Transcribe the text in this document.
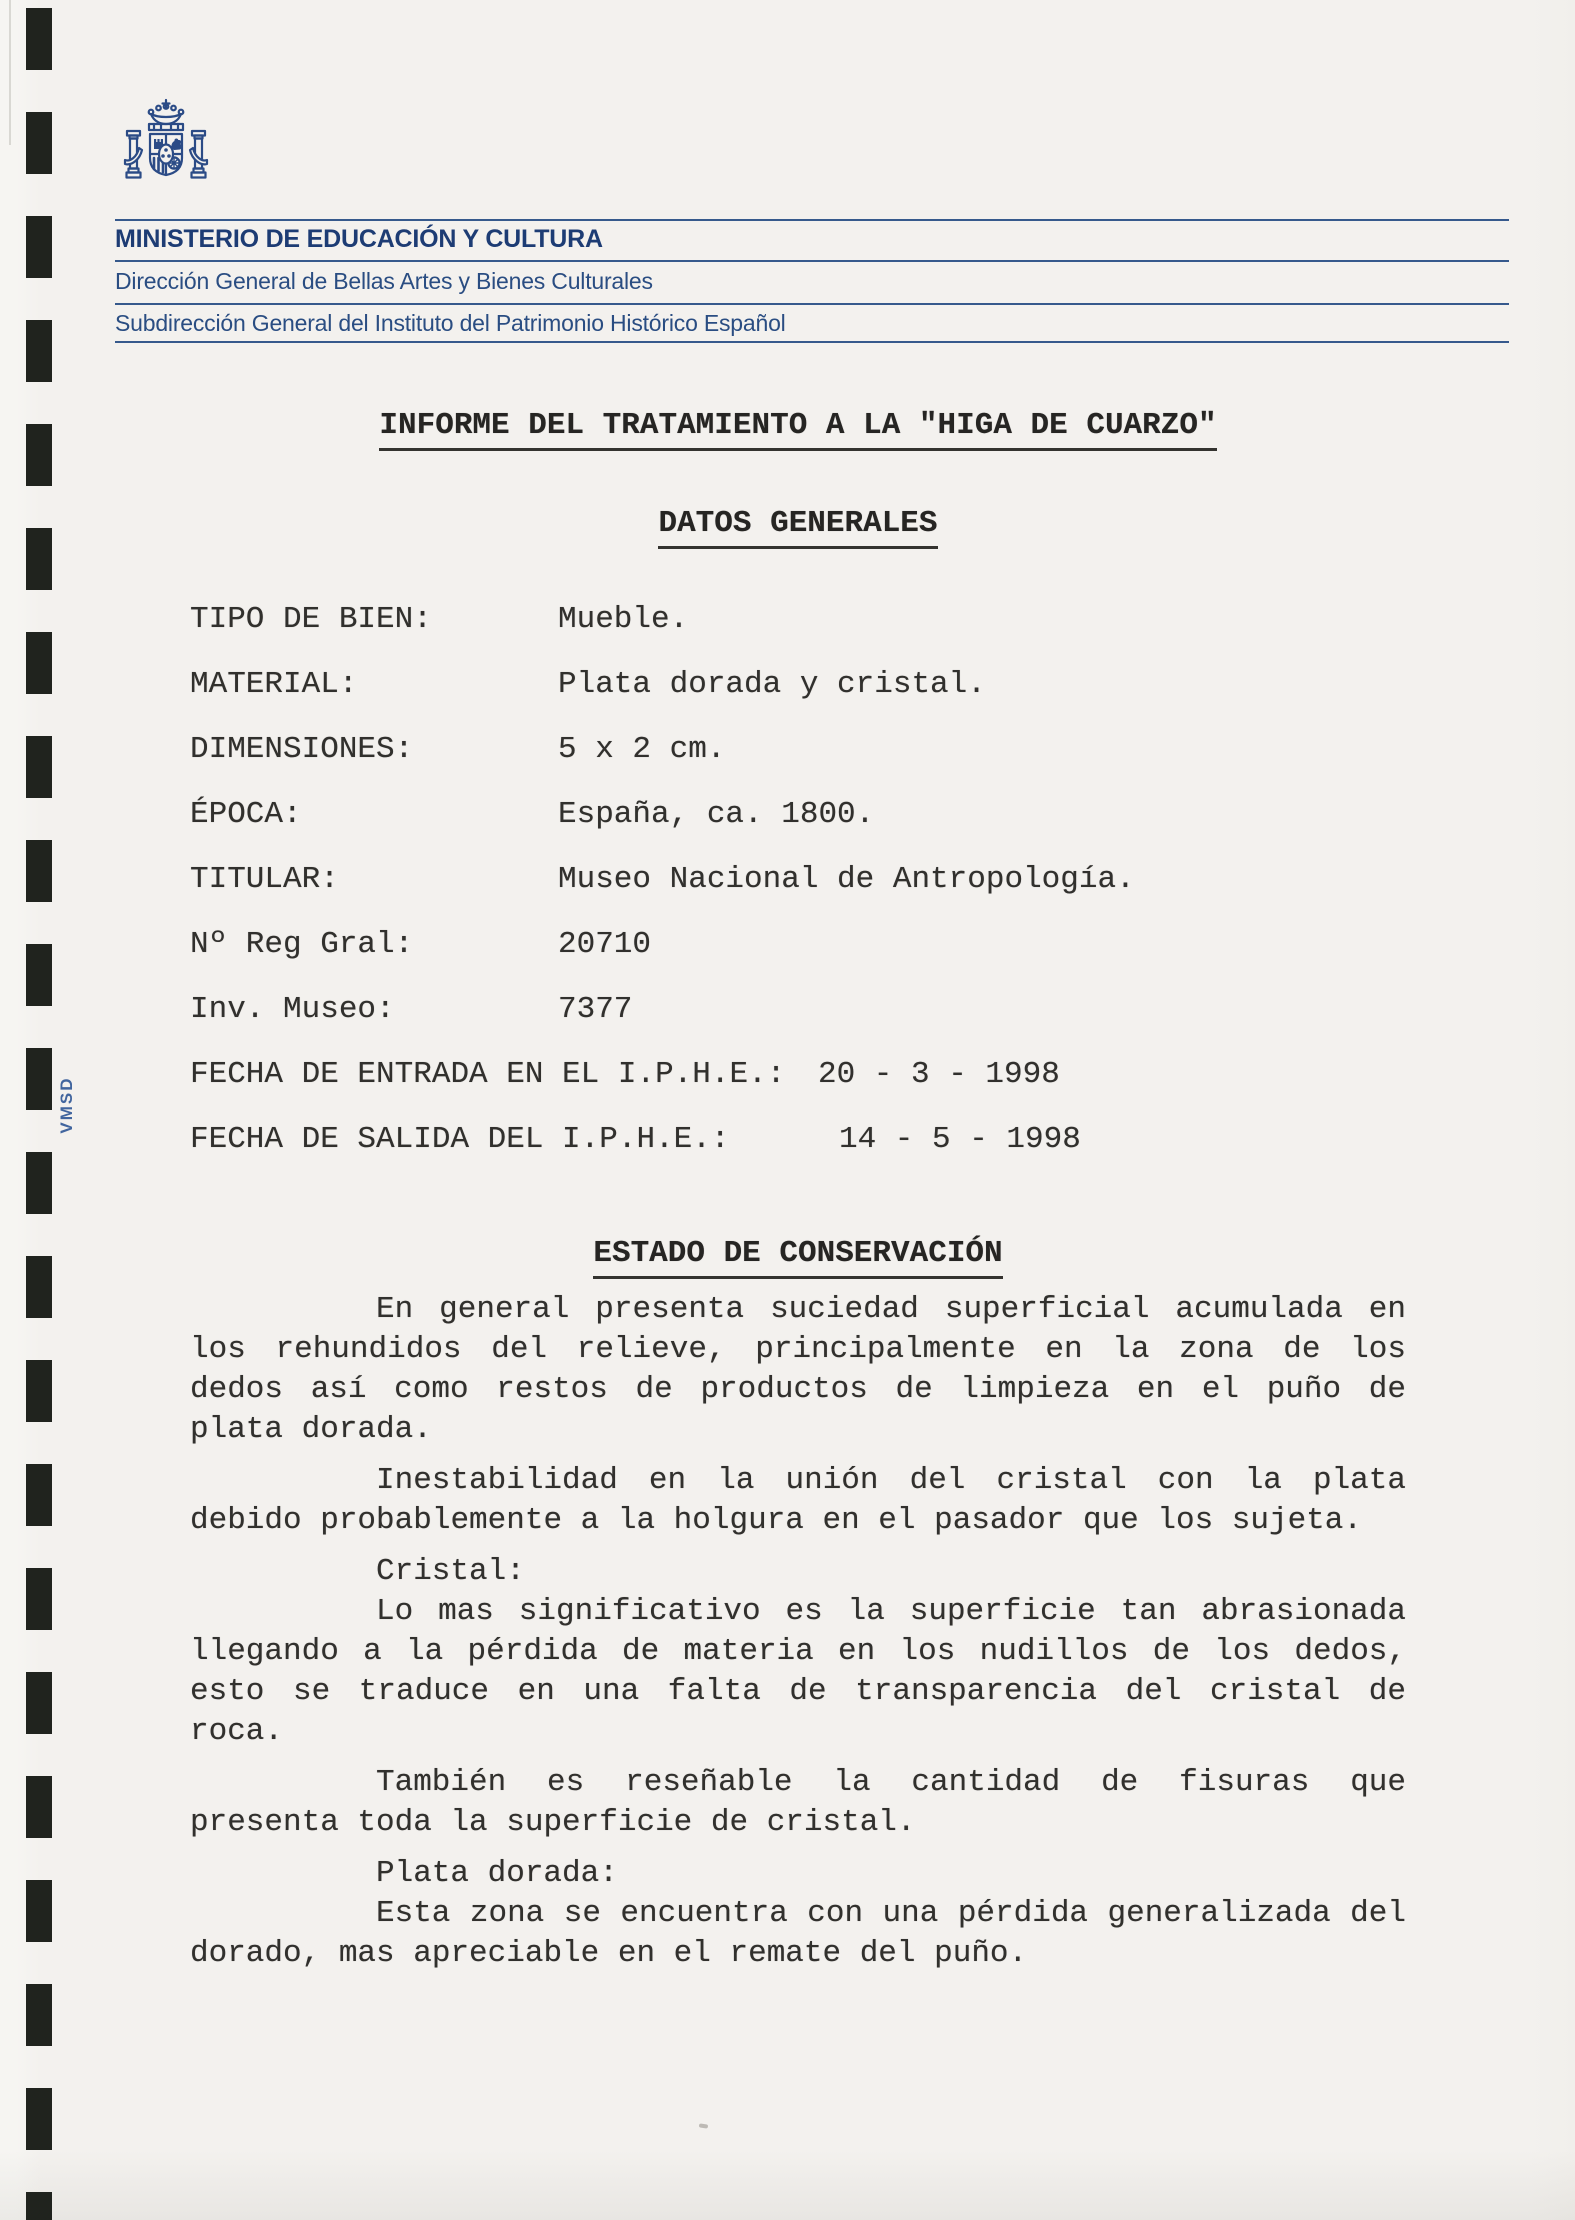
MINISTERIO DE EDUCACIÓN Y CULTURA
Dirección General de Bellas Artes y Bienes Culturales
Subdirección General del Instituto del Patrimonio Histórico Español
VMSD
INFORME DEL TRATAMIENTO A LA "HIGA DE CUARZO"
DATOS GENERALES
TIPO DE BIEN:	Mueble.
MATERIAL:	Plata dorada y cristal.
DIMENSIONES:	5 x 2 cm.
ÉPOCA:	España, ca. 1800.
TITULAR:	Museo Nacional de Antropología.
Nº Reg Gral:	20710
Inv. Museo:	7377
FECHA DE ENTRADA EN EL I.P.H.E.: 20 - 3 - 1998
FECHA DE SALIDA DEL I.P.H.E.:	14 - 5 - 1998
ESTADO DE CONSERVACIÓN

En general presenta suciedad superficial acumulada en los rehundidos del relieve, principalmente en la zona de los dedos así como restos de productos de limpieza en el puño de plata dorada.

Inestabilidad en la unión del cristal con la plata debido probablemente a la holgura en el pasador que los sujeta.

Cristal:

Lo mas significativo es la superficie tan abrasionada llegando a la pérdida de materia en los nudillos de los dedos, esto se traduce en una falta de transparencia del cristal de roca.

También es reseñable la cantidad de fisuras que presenta toda la superficie de cristal.

Plata dorada:

Esta zona se encuentra con una pérdida generalizada del dorado, mas apreciable en el remate del puño.
